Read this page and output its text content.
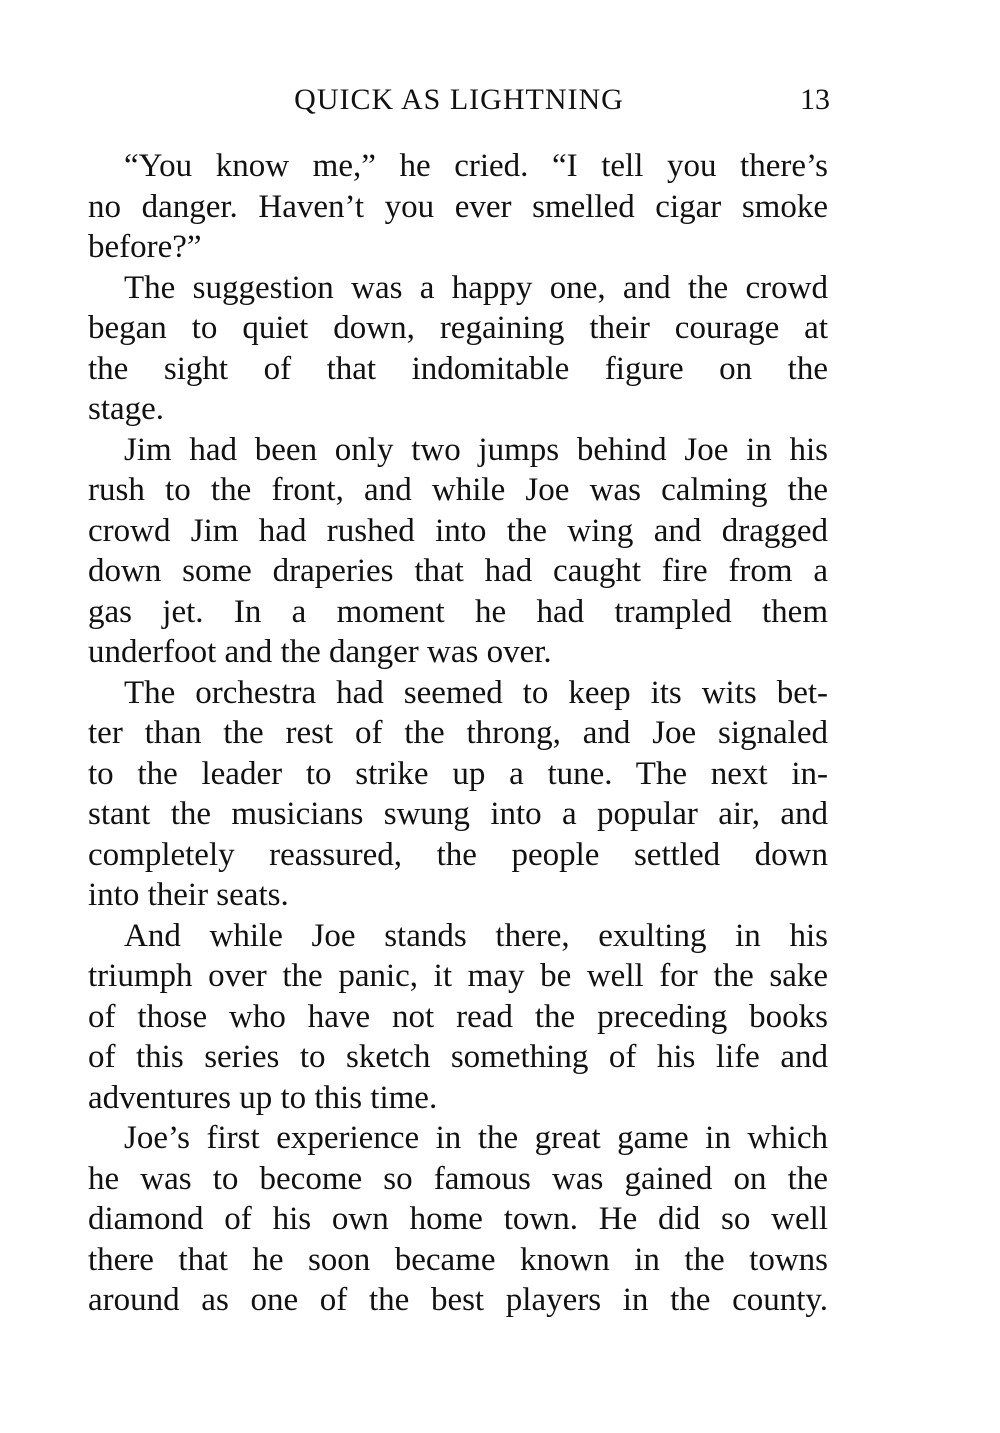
QUICK AS LIGHTNING	13
“You know me,” he cried. “I tell you there’s
no danger. Haven’t you ever smelled cigar smoke
before?”
The suggestion was a happy one, and the crowd
began to quiet down, regaining their courage at
the sight of that indomitable figure on the
stage.
Jim had been only two jumps behind Joe in his
rush to the front, and while Joe was calming the
crowd Jim had rushed into the wing and dragged
down some draperies that had caught fire from a
gas jet. In a moment he had trampled them
underfoot and the danger was over.
The orchestra had seemed to keep its wits bet-
ter than the rest of the throng, and Joe signaled
to the leader to strike up a tune. The next in-
stant the musicians swung into a popular air, and
completely reassured, the people settled down
into their seats.
And while Joe stands there, exulting in his
triumph over the panic, it may be well for the sake
of those who have not read the preceding books
of this series to sketch something of his life and
adventures up to this time.
Joe’s first experience in the great game in which
he was to become so famous was gained on the
diamond of his own home town. He did so well
there that he soon became known in the towns
around as one of the best players in the county.
